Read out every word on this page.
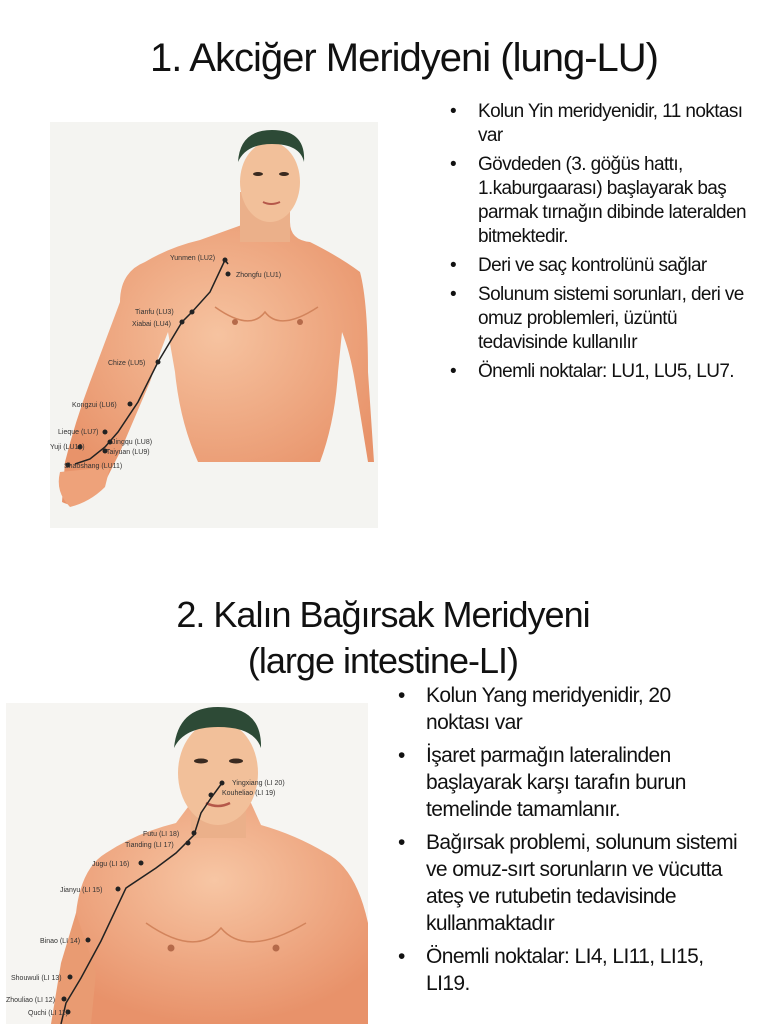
1. Akciğer Meridyeni (lung-LU)
Yunmen (LU2)
Zhongfu (LU1)
Tianfu (LU3)
Xiabai (LU4)
Chize (LU5)
Kongzui (LU6)
Lieque (LU7)
Jingqu (LU8)
Taiyuan (LU9)
Yuji (LU10)
Shaoshang (LU11)
• Kolun Yin meridyenidir, 11 noktası var
• Gövdeden (3. göğüs hattı, 1.kaburgaarası) başlayarak baş parmak tırnağın dibinde lateralden bitmektedir.
• Deri ve saç kontrolünü sağlar
• Solunum sistemi sorunları, deri ve omuz problemleri, üzüntü tedavisinde kullanılır
• Önemli noktalar: LU1, LU5, LU7.
2. Kalın Bağırsak Meridyeni
(large intestine-LI)
Yingxiang (LI 20)
Kouheliao (LI 19)
Futu (LI 18)
Tianding (LI 17)
Jugu (LI 16)
Jianyu (LI 15)
Binao (LI 14)
Shouwuli (LI 13)
Zhouliao (LI 12)
Quchi (LI 11)
• Kolun Yang meridyenidir, 20 noktası var
• İşaret parmağın lateralinden başlayarak karşı tarafın burun temelinde tamamlanır.
• Bağırsak problemi, solunum sistemi ve omuz-sırt sorunların ve vücutta ateş ve rutubetin tedavisinde kullanmaktadır
• Önemli noktalar: LI4, LI11, LI15, LI19.
